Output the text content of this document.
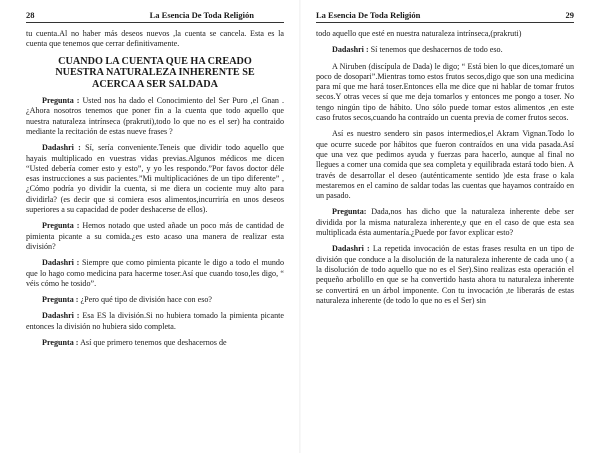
28	La Esencia De Toda Religión

tu cuenta.Al no haber más deseos nuevos ,la cuenta se cancela. Esta es la cuenta que tenemos que cerrar definitivamente.

CUANDO LA CUENTA QUE HA CREADO NUESTRA NATURALEZA INHERENTE SE ACERCA A SER SALDADA

Pregunta : Usted nos ha dado el Conocimiento del Ser Puro ,el Gnan .¿Ahora nosotros tenemos que poner fin a la cuenta que todo aquello que nuestra naturaleza intrínseca (prakruti),todo lo que no es el ser) ha contraido mediante la recitación de estas nueve frases ?

Dadashri : Sí, sería conveniente.Teneis que dividir todo aquello que hayais multiplicado en vuestras vidas previas.Algunos médicos me dicen “Usted debería comer esto y esto”, y yo les respondo.”Por favos doctor déle esas instrucciones a sus pacientes.”Mi multiplicaciónes de un tipo diferente” ,¿Cómo podría yo dividir la cuenta, si me diera un cociente muy alto para dividirla? (es decir que si comiera esos alimentos,incurriría en unos deseos superiores a su capacidad de poder deshacerse de ellos).

Pregunta : Hemos notado que usted añade un poco más de cantidad de pimienta picante a su comida.¿es esto acaso una manera de realizar esta división?

Dadashri : Siempre que como pimienta picante le digo a todo el mundo que lo hago como medicina para hacerme toser.Así que cuando toso,les digo, “ véis cómo he tosido”.

Pregunta : ¿Pero qué tipo de división hace con eso?

Dadashri : Esa ES la división.Si no hubiera tomado la pimienta picante entonces la división no hubiera sido completa.

Pregunta : Así que primero tenemos que deshacernos de

La Esencia De Toda Religión	29

todo aquello que esté en nuestra naturaleza intrínseca,(prakruti)

Dadashri : Sí tenemos que deshacernos de todo eso.

A Niruben (discípula de Dada) le digo; “ Está bien lo que dices,tomaré un poco de dosopari”.Mientras tomo estos frutos secos,digo que son una medicina para mí que me hará toser.Entonces ella me dice que ni hablar de tomar frutos secos.Y otras veces sí que me deja tomarlos y entonces me pongo a toser. No tengo ningún tipo de hábito. Uno sólo puede tomar estos alimentos ,en este caso frutos secos,cuando ha contraído un cuenta previa de comer frutos secos.

Así es nuestro sendero sin pasos intermedios,el Akram Vignan.Todo lo que ocurre sucede por hábitos que fueron contraídos en una vida pasada.Así que una vez que pedimos ayuda y fuerzas para hacerlo, aunque al final no llegues a comer una comida que sea completa y equilibrada estará todo bien. A través de desarrollar el deseo (auténticamente sentido )de esta frase o kala mestaremos en el camino de saldar todas las cuentas que hayamos contraído en un pasado.

Pregunta: Dada,nos has dicho que la naturaleza inherente debe ser dividida por la misma naturaleza inherente,y que en el caso de que esta sea multiplicada ésta aumentaría.¿Puede por favor explicar esto?

Dadashri : La repetida invocación de estas frases resulta en un tipo de división que conduce a la disolución de la naturaleza inherente de cada uno ( a la disolución de todo aquello que no es el Ser).Sino realizas esta operación el pequeño arbolillo en que se ha convertido hasta ahora tu naturaleza inherente se convertirá en un árbol imponente. Con tu invocación ,te liberarás de estas naturaleza inherente (de todo lo que no es el Ser) sin
